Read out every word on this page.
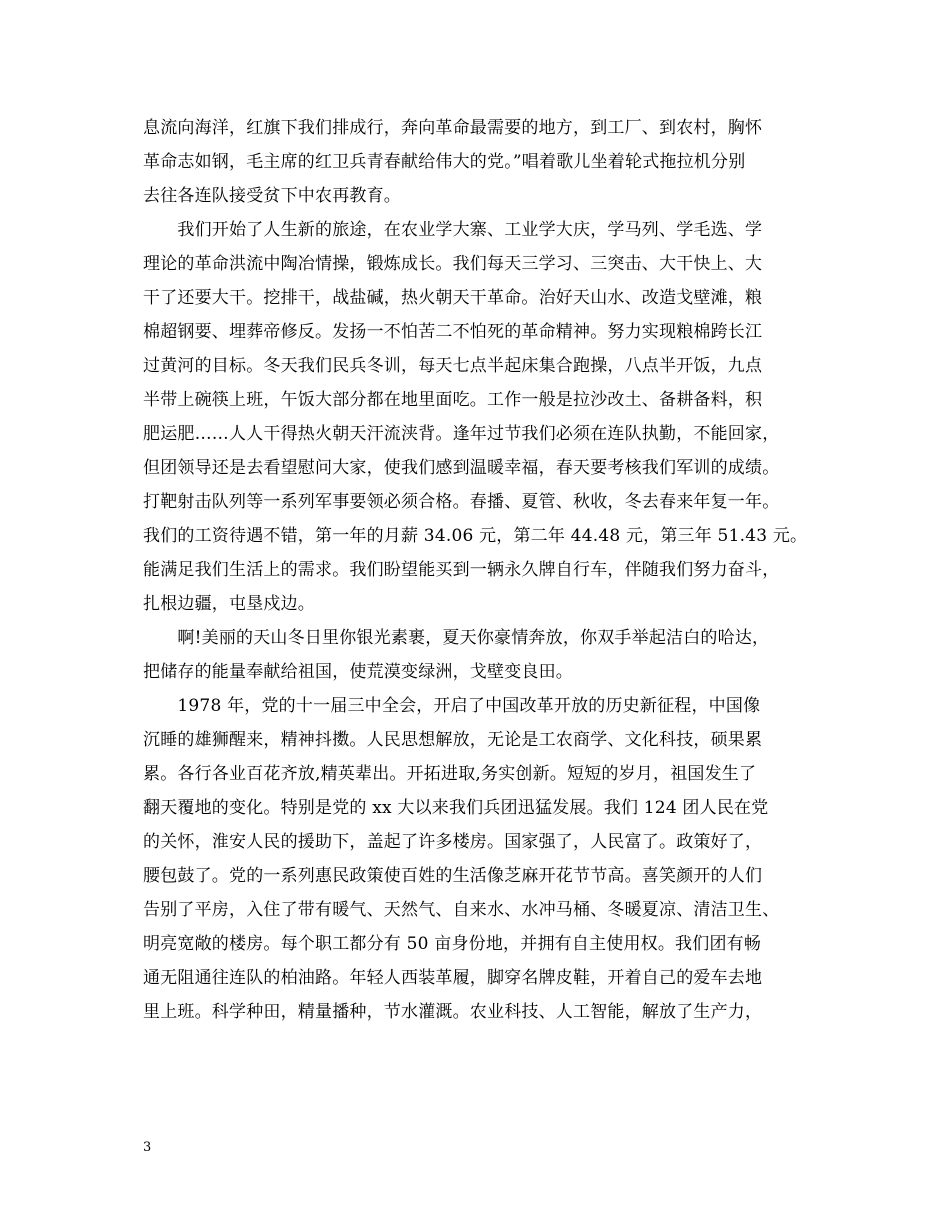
息流向海洋，红旗下我们排成行，奔向革命最需要的地方，到工厂、到农村，胸怀
革命志如钢，毛主席的红卫兵青春献给伟大的党。”唱着歌儿坐着轮式拖拉机分别
去往各连队接受贫下中农再教育。
　　我们开始了人生新的旅途，在农业学大寨、工业学大庆，学马列、学毛选、学
理论的革命洪流中陶冶情操，锻炼成长。我们每天三学习、三突击、大干快上、大
干了还要大干。挖排干，战盐碱，热火朝天干革命。治好天山水、改造戈壁滩，粮
棉超钢要、埋葬帝修反。发扬一不怕苦二不怕死的革命精神。努力实现粮棉跨长江
过黄河的目标。冬天我们民兵冬训，每天七点半起床集合跑操，八点半开饭，九点
半带上碗筷上班，午饭大部分都在地里面吃。工作一般是拉沙改土、备耕备料，积
肥运肥……人人干得热火朝天汗流浃背。逢年过节我们必须在连队执勤，不能回家，
但团领导还是去看望慰问大家，使我们感到温暖幸福，春天要考核我们军训的成绩。
打靶射击队列等一系列军事要领必须合格。春播、夏管、秋收，冬去春来年复一年。
我们的工资待遇不错，第一年的月薪 34.06 元，第二年 44.48 元，第三年 51.43 元。
能满足我们生活上的需求。我们盼望能买到一辆永久牌自行车，伴随我们努力奋斗，
扎根边疆，屯垦戍边。
　　啊!美丽的天山冬日里你银光素裹，夏天你豪情奔放，你双手举起洁白的哈达，
把储存的能量奉献给祖国，使荒漠变绿洲，戈壁变良田。
　　1978 年，党的十一届三中全会，开启了中国改革开放的历史新征程，中国像
沉睡的雄狮醒来，精神抖擞。人民思想解放，无论是工农商学、文化科技，硕果累
累。各行各业百花齐放,精英辈出。开拓进取,务实创新。短短的岁月，祖国发生了
翻天覆地的变化。特别是党的 xx 大以来我们兵团迅猛发展。我们 124 团人民在党
的关怀，淮安人民的援助下，盖起了许多楼房。国家强了，人民富了。政策好了，
腰包鼓了。党的一系列惠民政策使百姓的生活像芝麻开花节节高。喜笑颜开的人们
告别了平房，入住了带有暖气、天然气、自来水、水冲马桶、冬暖夏凉、清洁卫生、
明亮宽敞的楼房。每个职工都分有 50 亩身份地，并拥有自主使用权。我们团有畅
通无阻通往连队的柏油路。年轻人西装革履，脚穿名牌皮鞋，开着自己的爱车去地
里上班。科学种田，精量播种，节水灌溉。农业科技、人工智能，解放了生产力，
3
